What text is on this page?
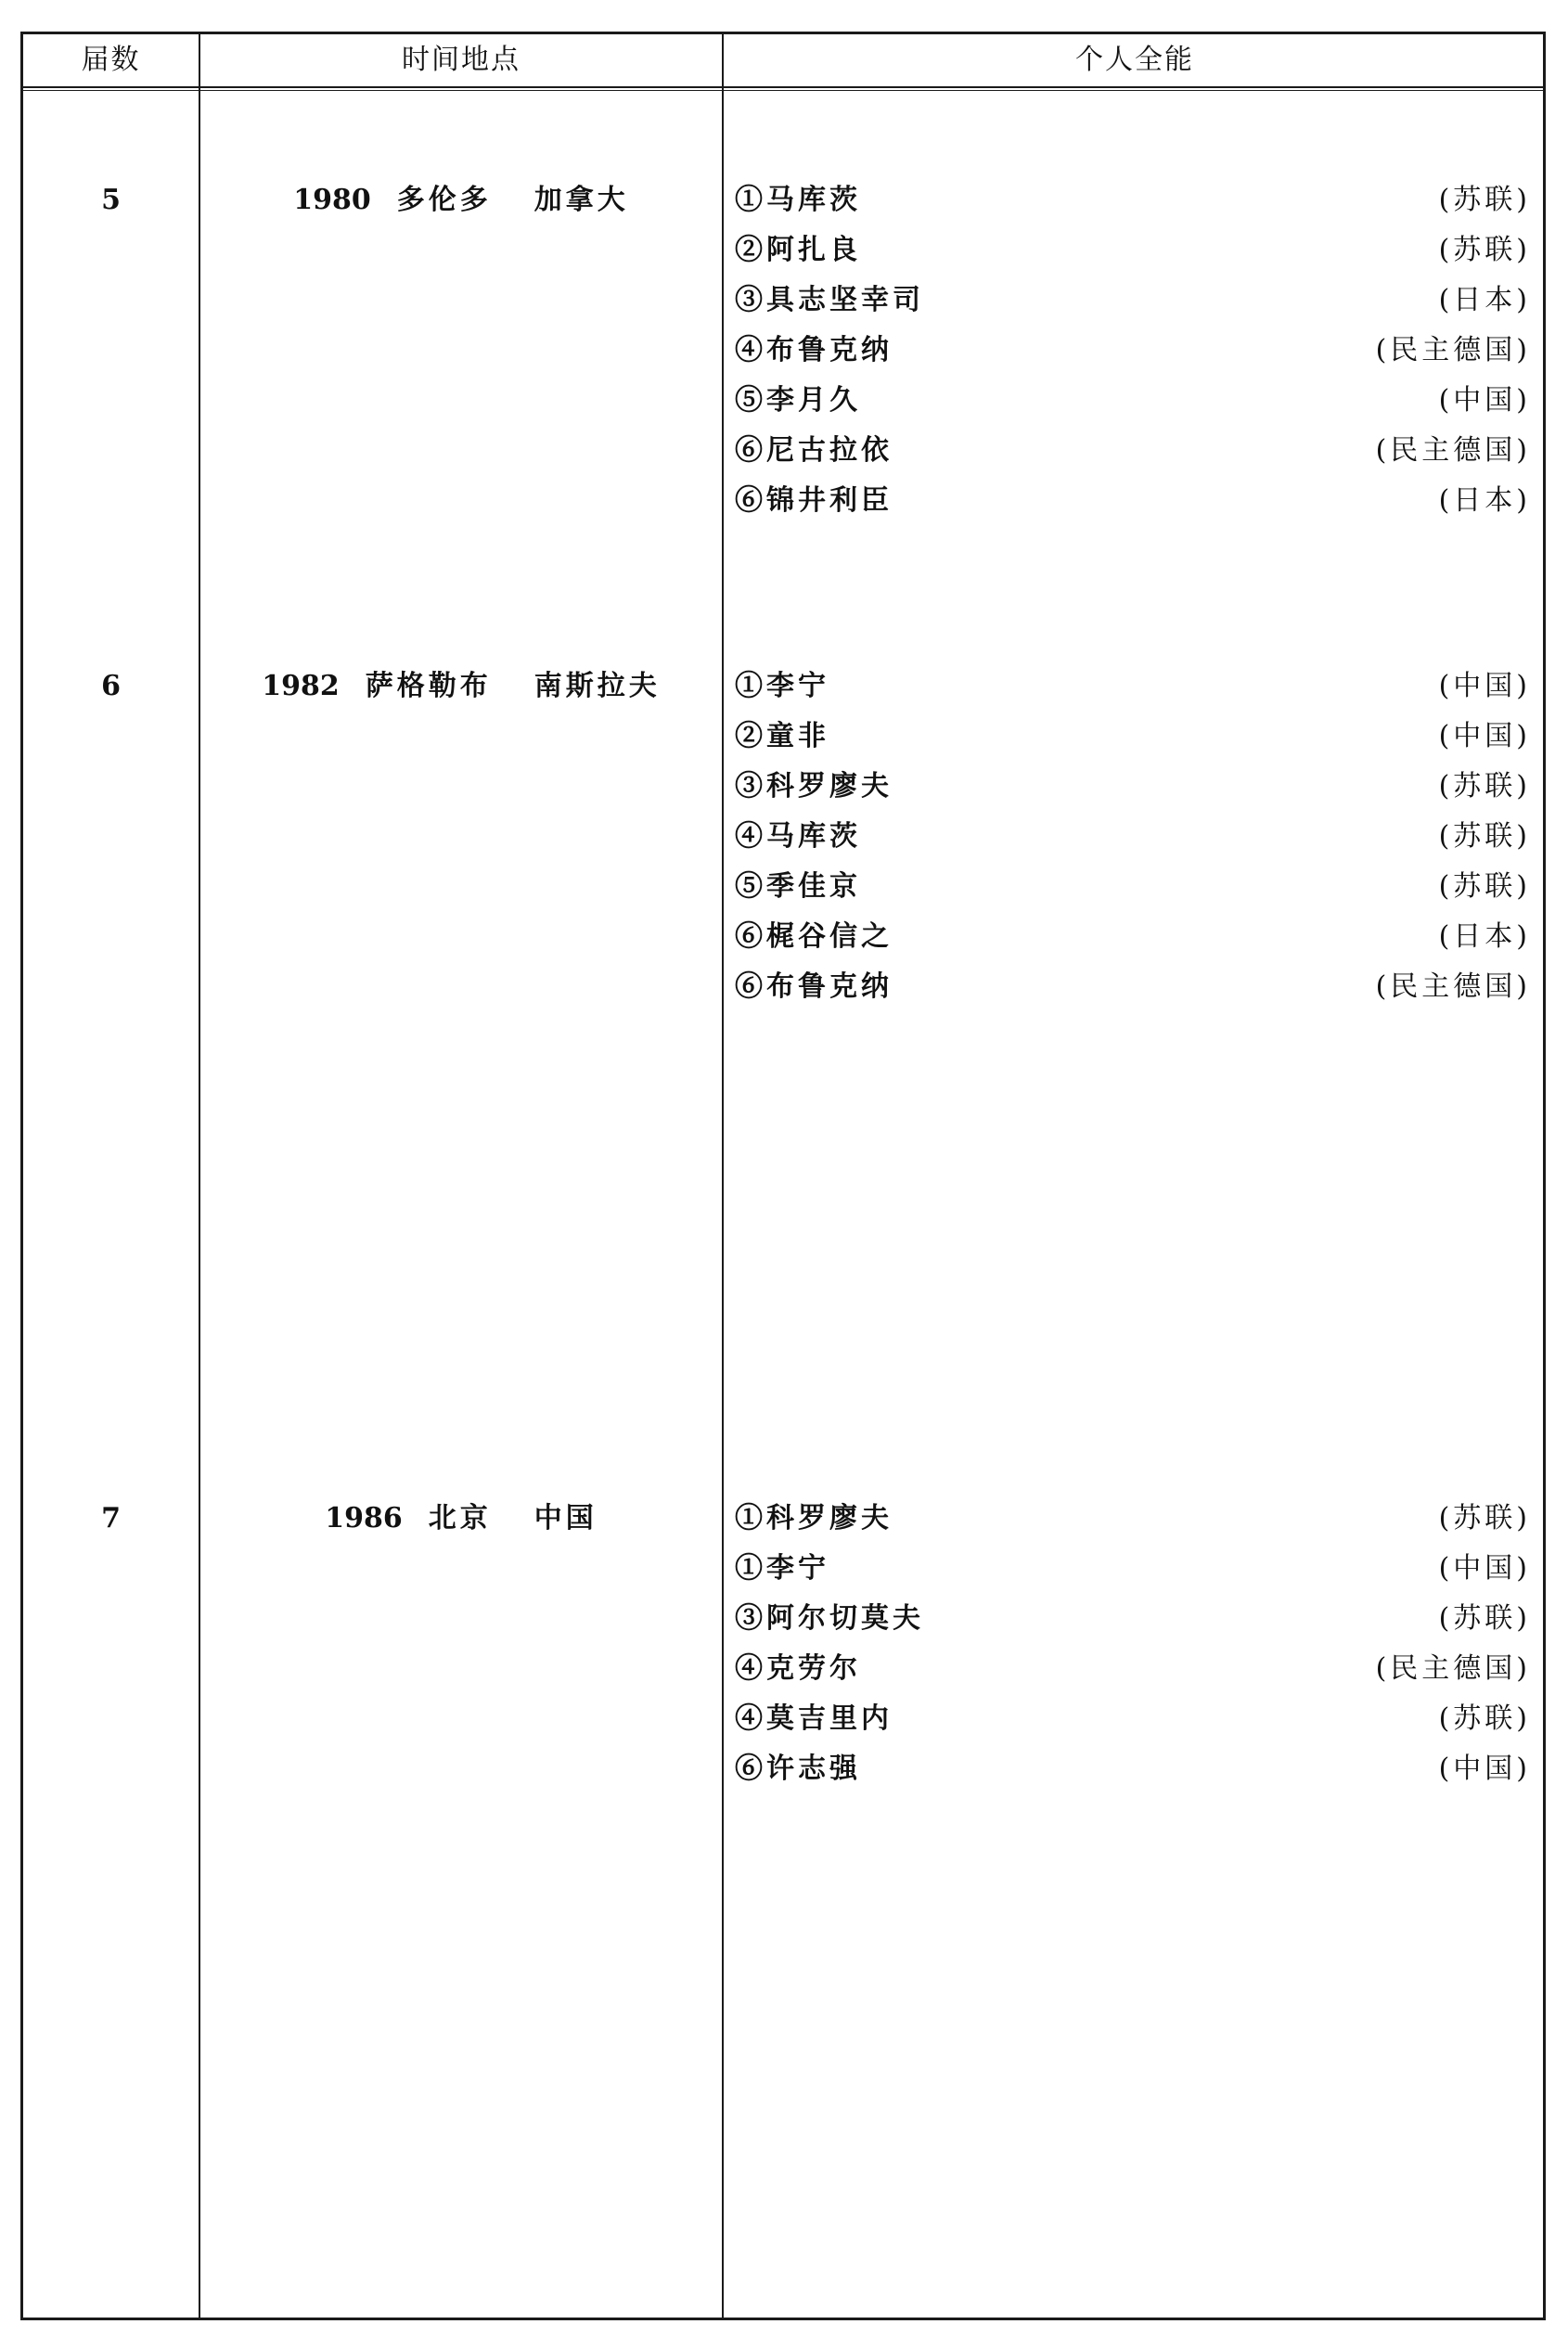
届数	时间地点	个人全能
5	1980 多伦多 加拿大	①马库茨	(苏联)
②阿扎良	(苏联)
③具志坚幸司	(日本)
④布鲁克纳	(民主德国)
⑤李月久	(中国)
⑥尼古拉依	(民主德国)
⑥锦井利臣	(日本)
6	1982 萨格勒布 南斯拉夫	①李宁	(中国)
②童非	(中国)
③科罗廖夫	(苏联)
④马库茨	(苏联)
⑤季佳京	(苏联)
⑥梶谷信之	(日本)
⑥布鲁克纳	(民主德国)
7	1986 北京 中国	①科罗廖夫	(苏联)
①李宁	(中国)
③阿尔切莫夫	(苏联)
④克劳尔	(民主德国)
④莫吉里内	(苏联)
⑥许志强	(中国)
